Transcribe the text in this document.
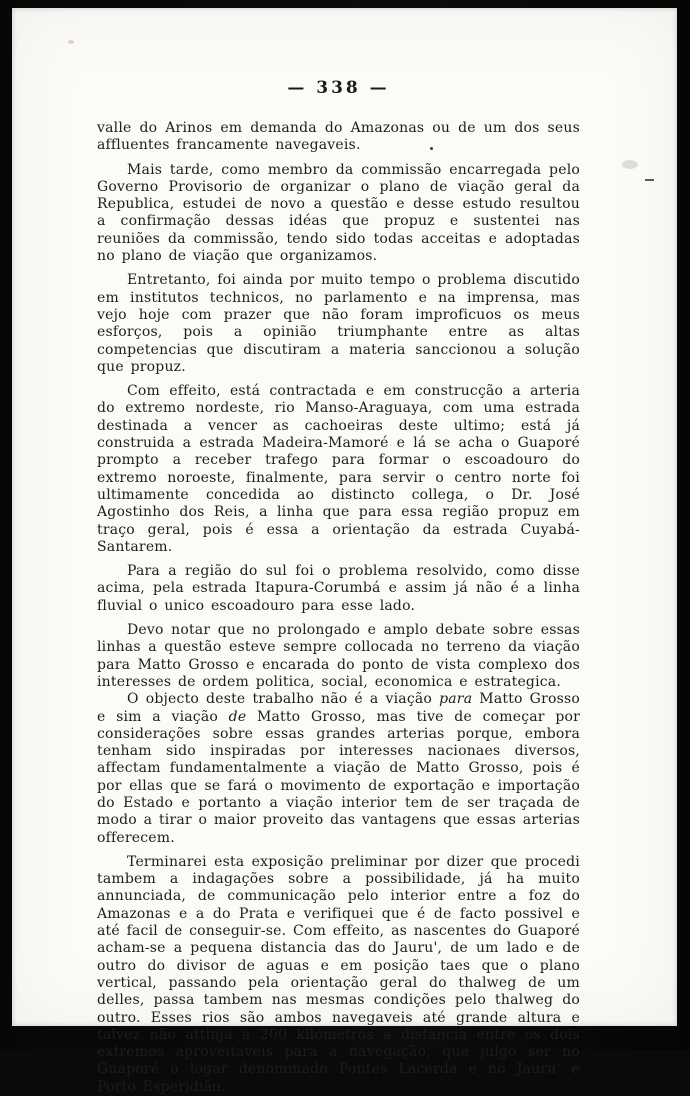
— 338 —

valle do Arinos em demanda do Amazonas ou de um dos seus affluentes francamente navegaveis.

Mais tarde, como membro da commissão encarregada pelo Governo Provisorio de organizar o plano de viação geral da Republica, estudei de novo a questão e desse estudo resultou a confirmação dessas idéas que propuz e sustentei nas reuniões da commissão, tendo sido todas acceitas e adoptadas no plano de viação que organizamos.

Entretanto, foi ainda por muito tempo o problema discutido em institutos technicos, no parlamento e na imprensa, mas vejo hoje com prazer que não foram improficuos os meus esforços, pois a opinião triumphante entre as altas competencias que discutiram a materia sanccionou a solução que propuz.

Com effeito, está contractada e em construcção a arteria do extremo nordeste, rio Manso-Araguaya, com uma estrada destinada a vencer as cachoeiras deste ultimo; está já construida a estrada Madeira-Mamoré e lá se acha o Guaporé prompto a receber trafego para formar o escoadouro do extremo noroeste, finalmente, para servir o centro norte foi ultimamente concedida ao distincto collega, o Dr. José Agostinho dos Reis, a linha que para essa região propuz em traço geral, pois é essa a orientação da estrada Cuyabá-Santarem.

Para a região do sul foi o problema resolvido, como disse acima, pela estrada Itapura-Corumbá e assim já não é a linha fluvial o unico escoadouro para esse lado.

Devo notar que no prolongado e amplo debate sobre essas linhas a questão esteve sempre collocada no terreno da viação para Matto Grosso e encarada do ponto de vista complexo dos interesses de ordem politica, social, economica e estrategica.

O objecto deste trabalho não é a viação para Matto Grosso e sim a viação de Matto Grosso, mas tive de começar por considerações sobre essas grandes arterias porque, embora tenham sido inspiradas por interesses nacionaes diversos, affectam fundamentalmente a viação de Matto Grosso, pois é por ellas que se fará o movimento de exportação e importação do Estado e portanto a viação interior tem de ser traçada de modo a tirar o maior proveito das vantagens que essas arterias offerecem.

Terminarei esta exposição preliminar por dizer que procedi tambem a indagações sobre a possibilidade, já ha muito annunciada, de communicação pelo interior entre a foz do Amazonas e a do Prata e verifiquei que é de facto possivel e até facil de conseguir-se. Com effeito, as nascentes do Guaporé acham-se a pequena distancia das do Jauru', de um lado e de outro do divisor de aguas e em posição taes que o plano vertical, passando pela orientação geral do thalweg de um delles, passa tambem nas mesmas condições pelo thalweg do outro. Esses rios são ambos navegaveis até grande altura e talvez não attinja a 200 kilometros a distancia entre os dois extremos aproveitaveis para a navegação, que julgo ser no Guaporé o logar denominado Pontes Lacerda e no Jauru' e Porto Esperidião.
